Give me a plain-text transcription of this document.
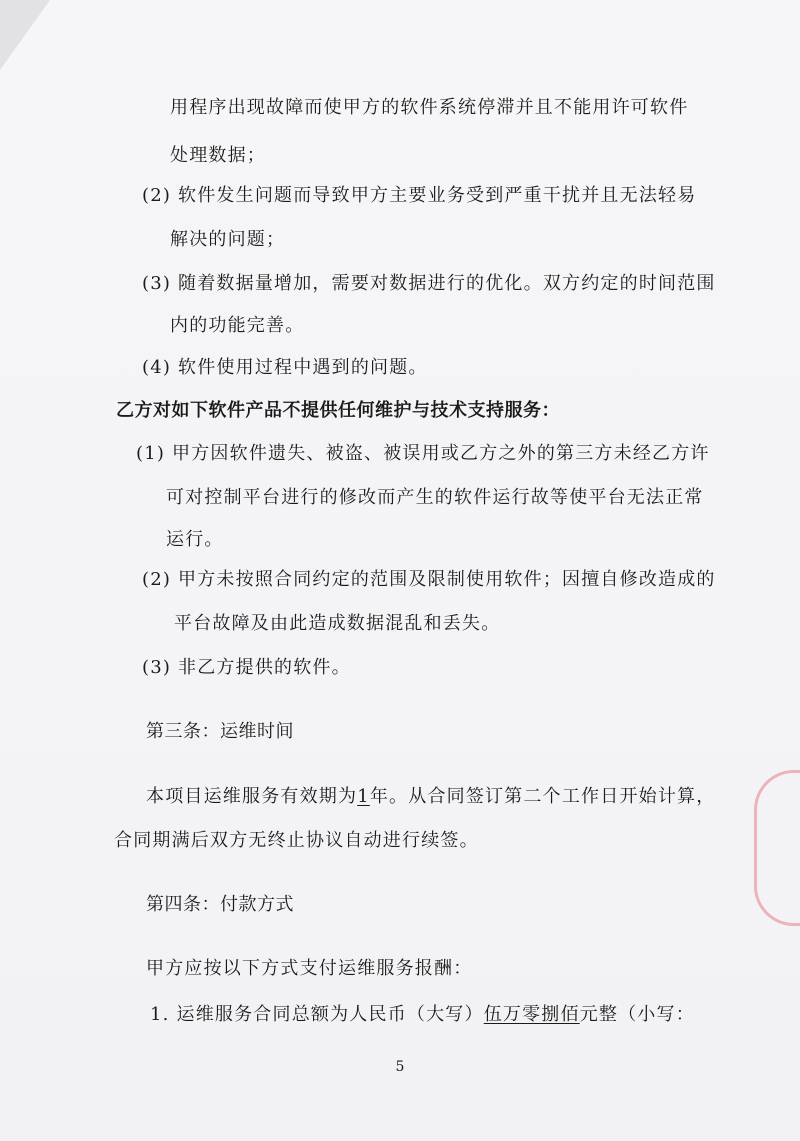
用程序出现故障而使甲方的软件系统停滞并且不能用许可软件
处理数据；
(2) 软件发生问题而导致甲方主要业务受到严重干扰并且无法轻易
解决的问题；
(3) 随着数据量增加，需要对数据进行的优化。双方约定的时间范围
内的功能完善。
(4) 软件使用过程中遇到的问题。
乙方对如下软件产品不提供任何维护与技术支持服务：
(1) 甲方因软件遗失、被盗、被误用或乙方之外的第三方未经乙方许
可对控制平台进行的修改而产生的软件运行故等使平台无法正常
运行。
(2) 甲方未按照合同约定的范围及限制使用软件；因擅自修改造成的
平台故障及由此造成数据混乱和丢失。
(3) 非乙方提供的软件。
第三条：运维时间
本项目运维服务有效期为1年。从合同签订第二个工作日开始计算，
合同期满后双方无终止协议自动进行续签。
第四条：付款方式
甲方应按以下方式支付运维服务报酬：
1. 运维服务合同总额为人民币（大写）伍万零捌佰元整（小写：
5
